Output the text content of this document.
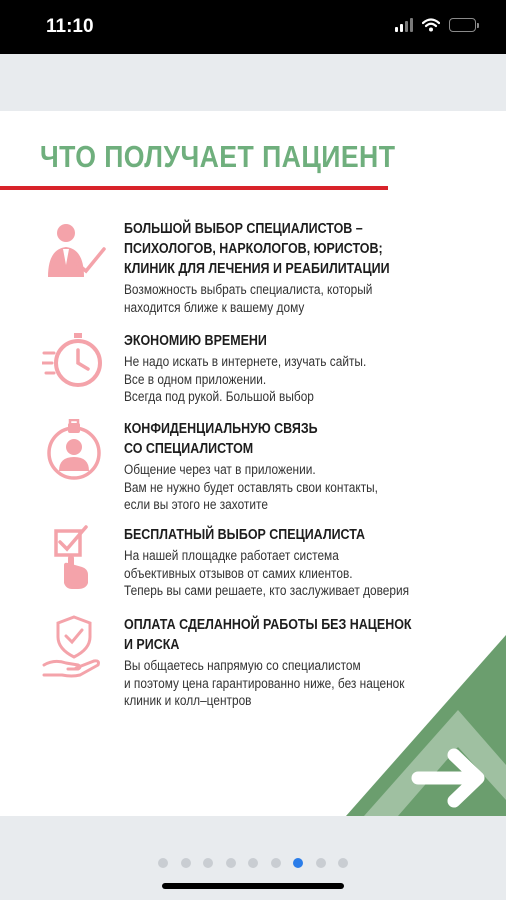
11:10
ЧТО ПОЛУЧАЕТ ПАЦИЕНТ
БОЛЬШОЙ ВЫБОР СПЕЦИАЛИСТОВ –
ПСИХОЛОГОВ, НАРКОЛОГОВ, ЮРИСТОВ;
КЛИНИК ДЛЯ ЛЕЧЕНИЯ И РЕАБИЛИТАЦИИ
Возможность выбрать специалиста, который
находится ближе к вашему дому
ЭКОНОМИЮ ВРЕМЕНИ
Не надо искать в интернете, изучать сайты.
Все в одном приложении.
Всегда под рукой. Большой выбор
КОНФИДЕНЦИАЛЬНУЮ СВЯЗЬ
СО СПЕЦИАЛИСТОМ
Общение через чат в приложении.
Вам не нужно будет оставлять свои контакты,
если вы этого не захотите
БЕСПЛАТНЫЙ ВЫБОР СПЕЦИАЛИСТА
На нашей площадке работает система
объективных отзывов от самих клиентов.
Теперь вы сами решаете, кто заслуживает доверия
ОПЛАТА СДЕЛАННОЙ РАБОТЫ БЕЗ НАЦЕНОК
И РИСКА
Вы общаетесь напрямую со специалистом
и поэтому цена гарантированно ниже, без наценок
клиник и колл–центров
